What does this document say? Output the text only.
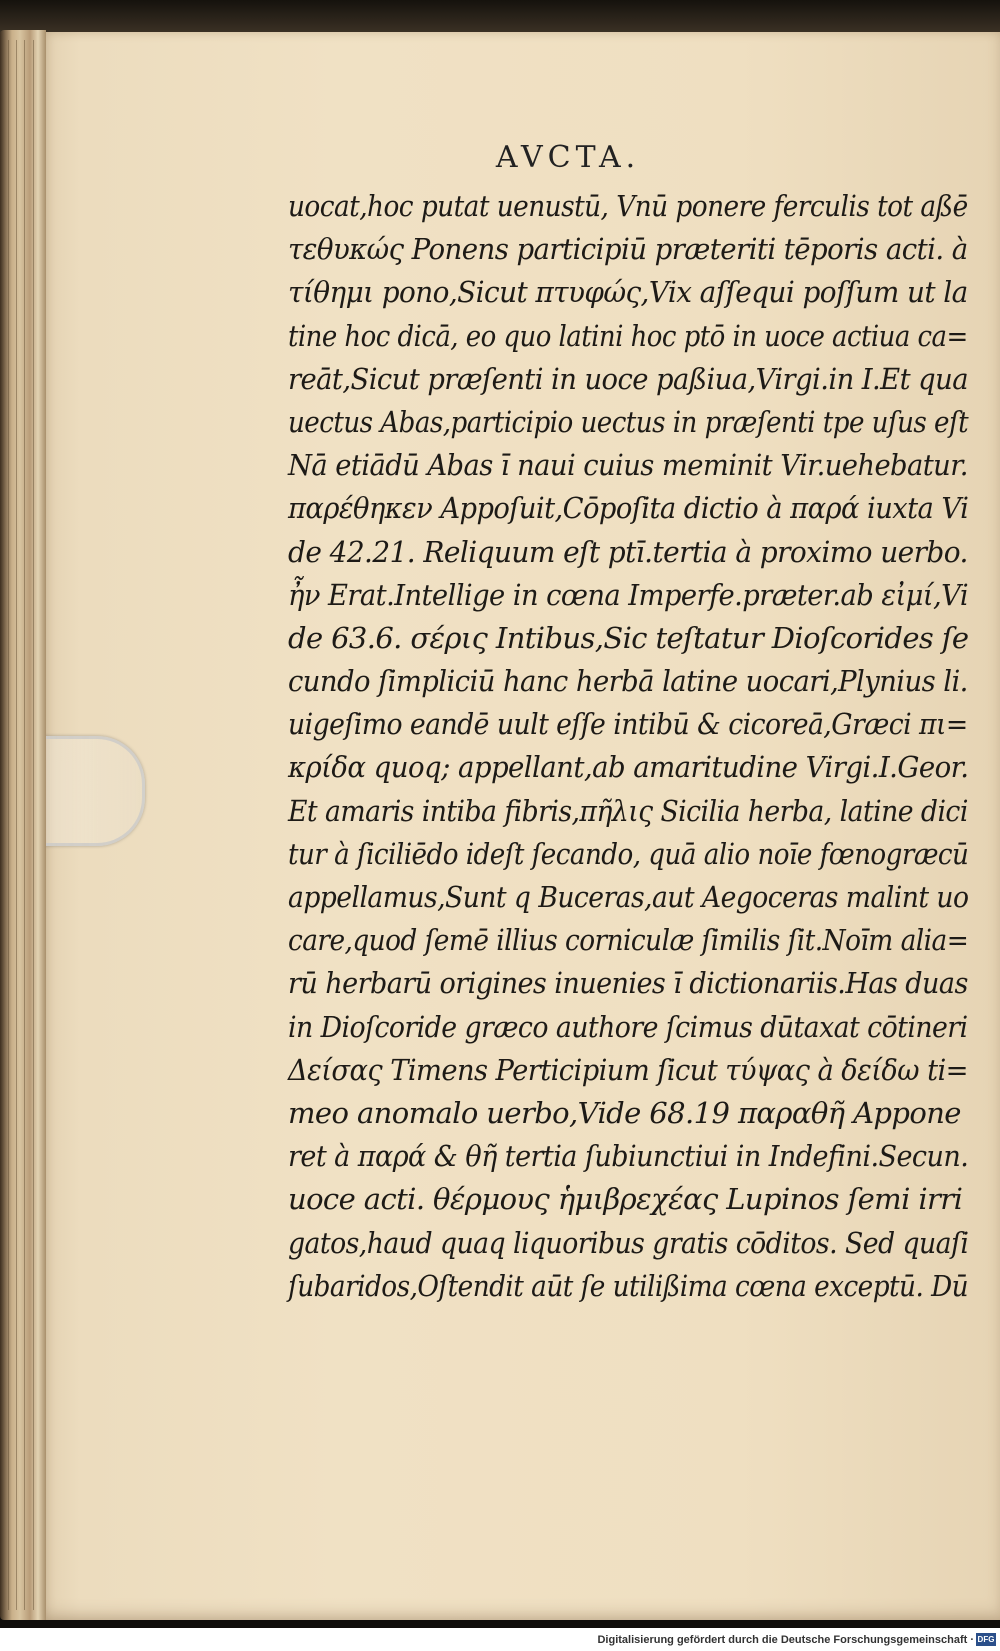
AVCTA.
uocat,hoc putat uenustū, Vnū ponere ferculis tot aßē
τεθυκώς Ponens participiū præteriti tēporis acti. à
τίθημι pono,Sicut πτυφώς,Vix aſſequi poſſum ut la
tine hoc dicā, eo quo latini hoc ptō in uoce actiua ca=
reāt,Sicut præſenti in uoce paßiua,Virgi.in I.Et qua
uectus Abas,participio uectus in præſenti tpe uſus eſt
Nā etiādū Abas ī naui cuius meminit Vir.uehebatur.
παρέθηκεν Appoſuit,Cōpoſita dictio à παρά iuxta Vi
de 42.21. Reliquum eſt ptī.tertia à proximo uerbo.
ἦν Erat.Intellige in cœna Imperfe.præter.ab εἰμί,Vi
de 63.6. σέρις Intibus,Sic teſtatur Dioſcorides ſe
cundo ſimpliciū hanc herbā latine uocari,Plynius li.
uigeſimo eandē uult eſſe intibū & cicoreā,Græci πι=
κρίδα quoq; appellant,ab amaritudine Virgi.I.Geor.
Et amaris intiba fibris,πῆλις Sicilia herba, latine dici
tur à ſiciliēdo ideſt ſecando, quā alio noīe fœnogræcū
appellamus,Sunt q Buceras,aut Aegoceras malint uo
care,quod ſemē illius corniculæ ſimilis ſit.Noīm alia=
rū herbarū origines inuenies ī dictionariis.Has duas
in Dioſcoride græco authore ſcimus dūtaxat cōtineri
Δείσας Timens Perticipium ſicut τύψας à δείδω ti=
meo anomalo uerbo,Vide 68.19 παραθῆ Appone
ret à παρά & θῆ tertia ſubiunctiui in Indefini.Secun.
uoce acti. θέρμους ἡμιβρεχέας Lupinos ſemi irri
gatos,haud quaq liquoribus gratis cōditos. Sed quaſi
ſubaridos,Oſtendit aūt ſe utilißima cœna exceptū. Dū
Digitalisierung gefördert durch die Deutsche Forschungsgemeinschaft · DFG
